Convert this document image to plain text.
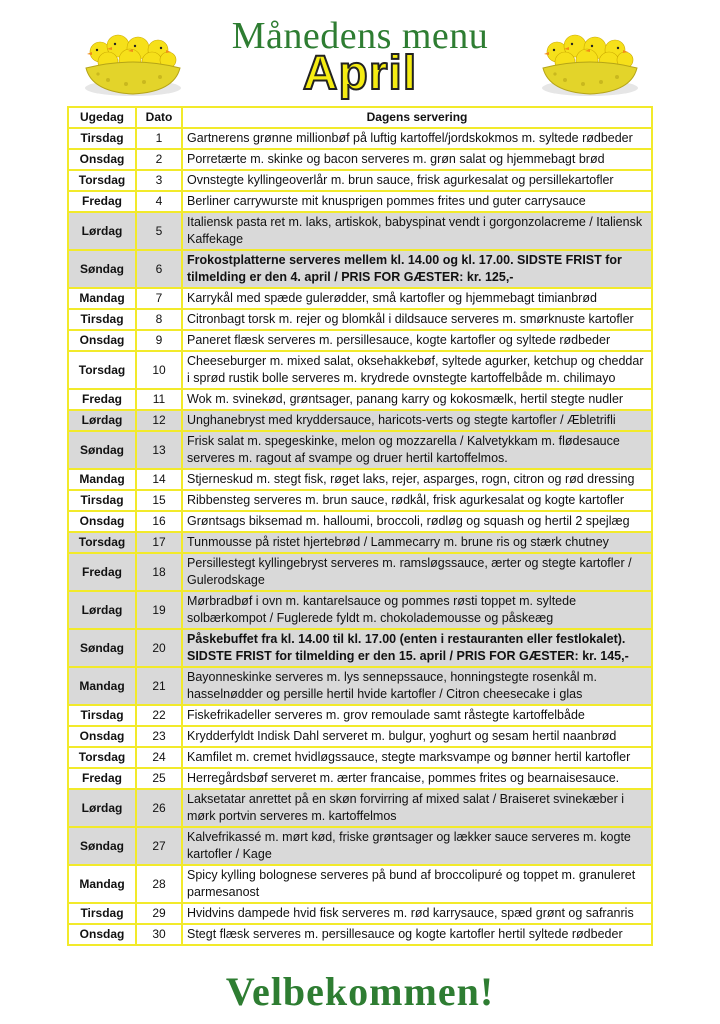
Månedens menu
April
Ugedag	Dato	Dagens servering
Tirsdag	1	Gartnerens grønne millionbøf på luftig kartoffel/jordskokmos m. syltede rødbeder
Onsdag	2	Porretærte m. skinke og bacon serveres m. grøn salat og hjemmebagt brød
Torsdag	3	Ovnstegte kyllingeoverlår m. brun sauce, frisk agurkesalat og persillekartofler
Fredag	4	Berliner carrywurste mit knusprigen pommes frites und guter carrysauce
Lørdag	5	Italiensk pasta ret m. laks, artiskok, babyspinat vendt i gorgonzolacreme / Italiensk Kaffekage
Søndag	6	Frokostplatterne serveres mellem kl. 14.00 og kl. 17.00. SIDSTE FRIST for tilmelding er den 4. april / PRIS FOR GÆSTER: kr. 125,-
Mandag	7	Karrykål med spæde gulerødder, små kartofler og hjemmebagt timianbrød
Tirsdag	8	Citronbagt torsk m. rejer og blomkål i dildsauce serveres m. smørknuste kartofler
Onsdag	9	Paneret flæsk serveres m. persillesauce, kogte kartofler og syltede rødbeder
Torsdag	10	Cheeseburger m. mixed salat, oksehakkebøf, syltede agurker, ketchup og cheddar i sprød rustik bolle serveres m. krydrede ovnstegte kartoffelbåde m. chilimayo
Fredag	11	Wok m. svinekød, grøntsager, panang karry og kokosmælk, hertil stegte nudler
Lørdag	12	Unghanebryst med kryddersauce, haricots-verts og stegte kartofler / Æbletrifli
Søndag	13	Frisk salat m. spegeskinke, melon og mozzarella / Kalvetykkam m. flødesauce serveres m. ragout af svampe og druer hertil kartoffelmos.
Mandag	14	Stjerneskud m. stegt fisk, røget laks, rejer, asparges, rogn, citron og rød dressing
Tirsdag	15	Ribbensteg serveres m. brun sauce, rødkål, frisk agurkesalat og kogte kartofler
Onsdag	16	Grøntsags biksemad m. halloumi, broccoli, rødløg og squash og hertil 2 spejlæg
Torsdag	17	Tunmousse på ristet hjertebrød / Lammecarry m. brune ris og stærk chutney
Fredag	18	Persillestegt kyllingebryst serveres m. ramsløgssauce, ærter og stegte kartofler / Gulerodskage
Lørdag	19	Mørbradbøf i ovn m. kantarelsauce og pommes røsti toppet m. syltede solbærkompot / Fuglerede fyldt m. chokolademousse og påskeæg
Søndag	20	Påskebuffet fra kl. 14.00 til kl. 17.00 (enten i restauranten eller festlokalet). SIDSTE FRIST for tilmelding er den 15. april / PRIS FOR GÆSTER: kr. 145,-
Mandag	21	Bayonneskinke serveres m. lys sennepssauce, honningstegte rosenkål m. hasselnødder og persille hertil hvide kartofler / Citron cheesecake i glas
Tirsdag	22	Fiskefrikadeller serveres m. grov remoulade samt råstegte kartoffelbåde
Onsdag	23	Krydderfyldt Indisk Dahl serveret m. bulgur, yoghurt og sesam hertil naanbrød
Torsdag	24	Kamfilet m. cremet hvidløgssauce, stegte marksvampe og bønner hertil kartofler
Fredag	25	Herregårdsbøf serveret m. ærter francaise, pommes frites og bearnaisesauce.
Lørdag	26	Laksetatar anrettet på en skøn forvirring af mixed salat / Braiseret svinekæber i mørk portvin serveres m. kartoffelmos
Søndag	27	Kalvefrikassé m. mørt kød, friske grøntsager og lækker sauce serveres m. kogte kartofler / Kage
Mandag	28	Spicy kylling bolognese serveres på bund af broccolipuré og toppet m. granuleret parmesanost
Tirsdag	29	Hvidvins dampede hvid fisk serveres m. rød karrysauce, spæd grønt og safranris
Onsdag	30	Stegt flæsk serveres m. persillesauce og kogte kartofler hertil syltede rødbeder
Velbekommen!
